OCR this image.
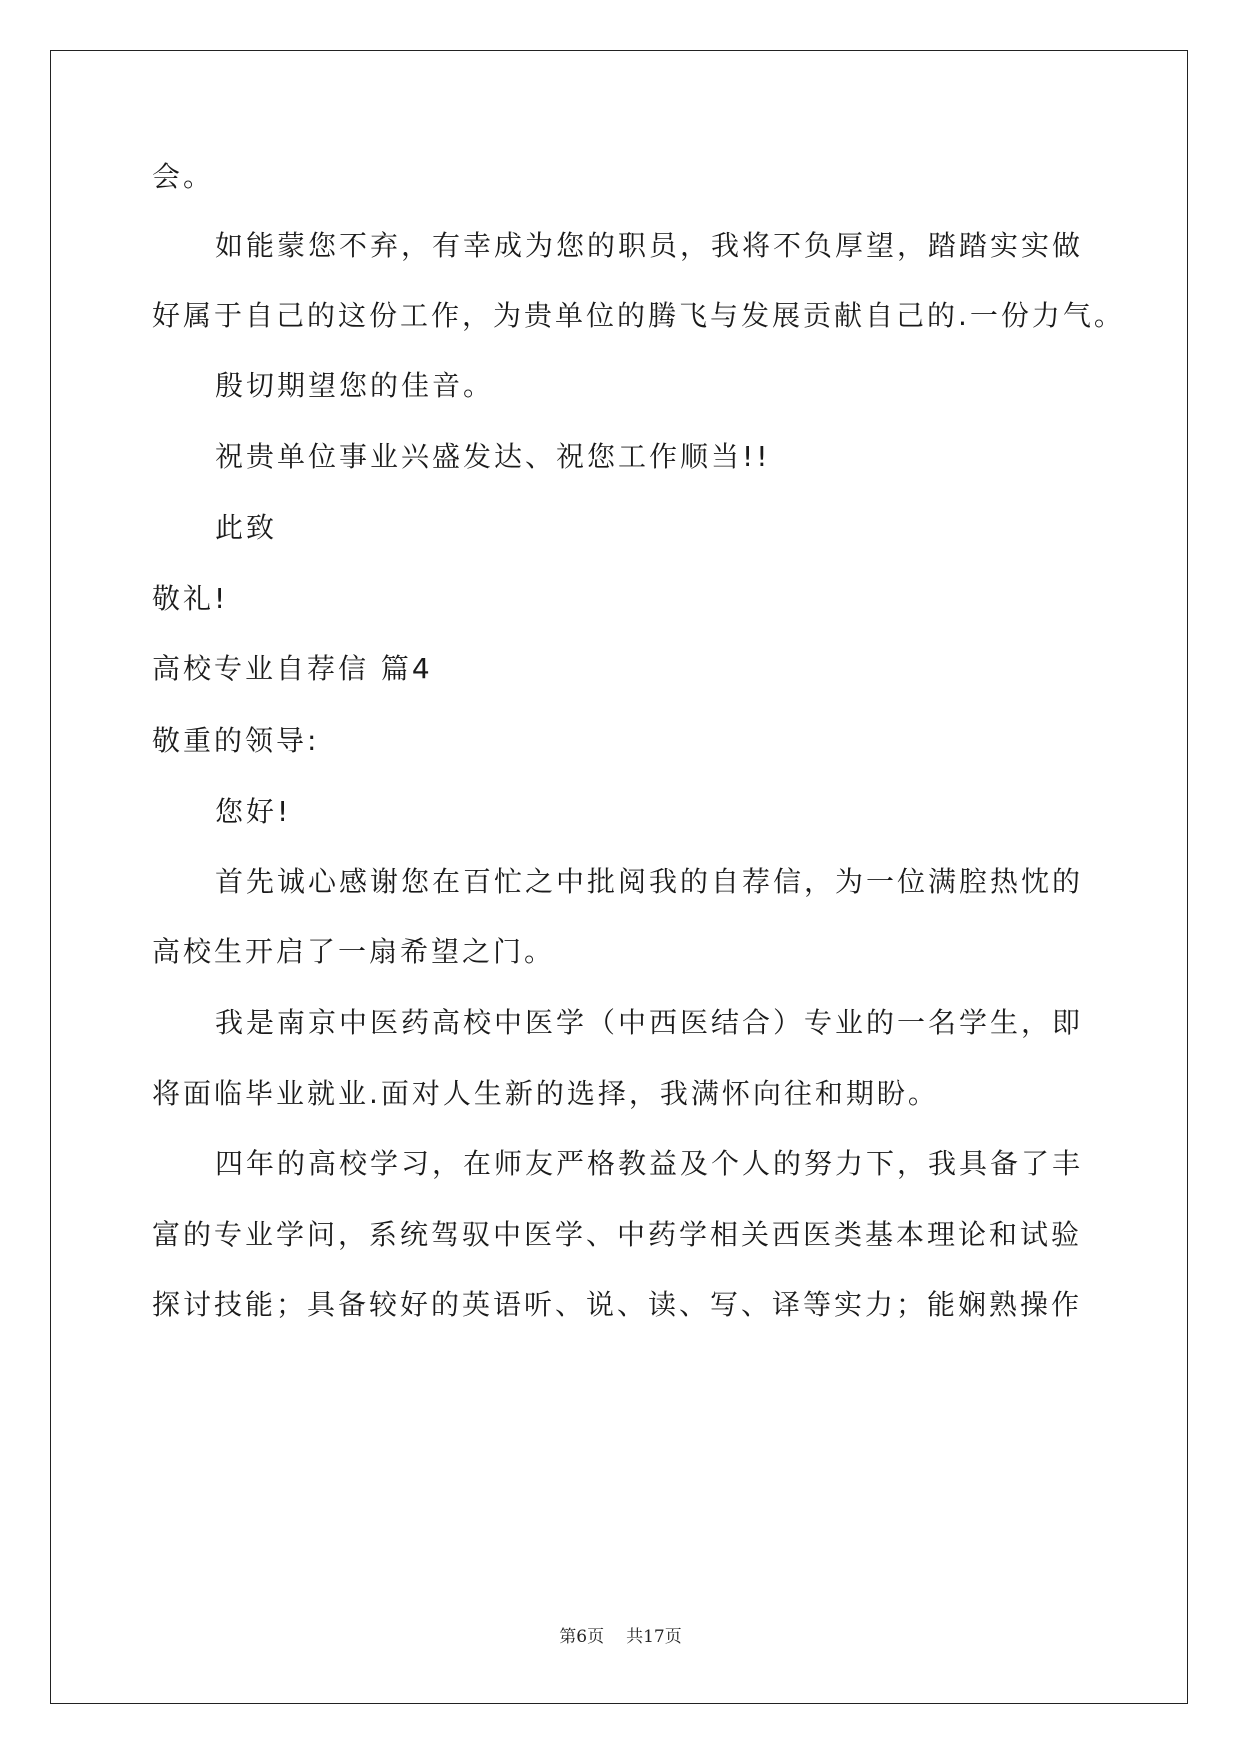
会。
如能蒙您不弃，有幸成为您的职员，我将不负厚望，踏踏实实做
好属于自己的这份工作，为贵单位的腾飞与发展贡献自己的.一份力气。
殷切期望您的佳音。
祝贵单位事业兴盛发达、祝您工作顺当!!
此致
敬礼!
高校专业自荐信 篇4
敬重的领导:
您好!
首先诚心感谢您在百忙之中批阅我的自荐信，为一位满腔热忱的
高校生开启了一扇希望之门。
我是南京中医药高校中医学（中西医结合）专业的一名学生，即
将面临毕业就业.面对人生新的选择，我满怀向往和期盼。
四年的高校学习，在师友严格教益及个人的努力下，我具备了丰
富的专业学问，系统驾驭中医学、中药学相关西医类基本理论和试验
探讨技能；具备较好的英语听、说、读、写、译等实力；能娴熟操作
第6页 共17页
